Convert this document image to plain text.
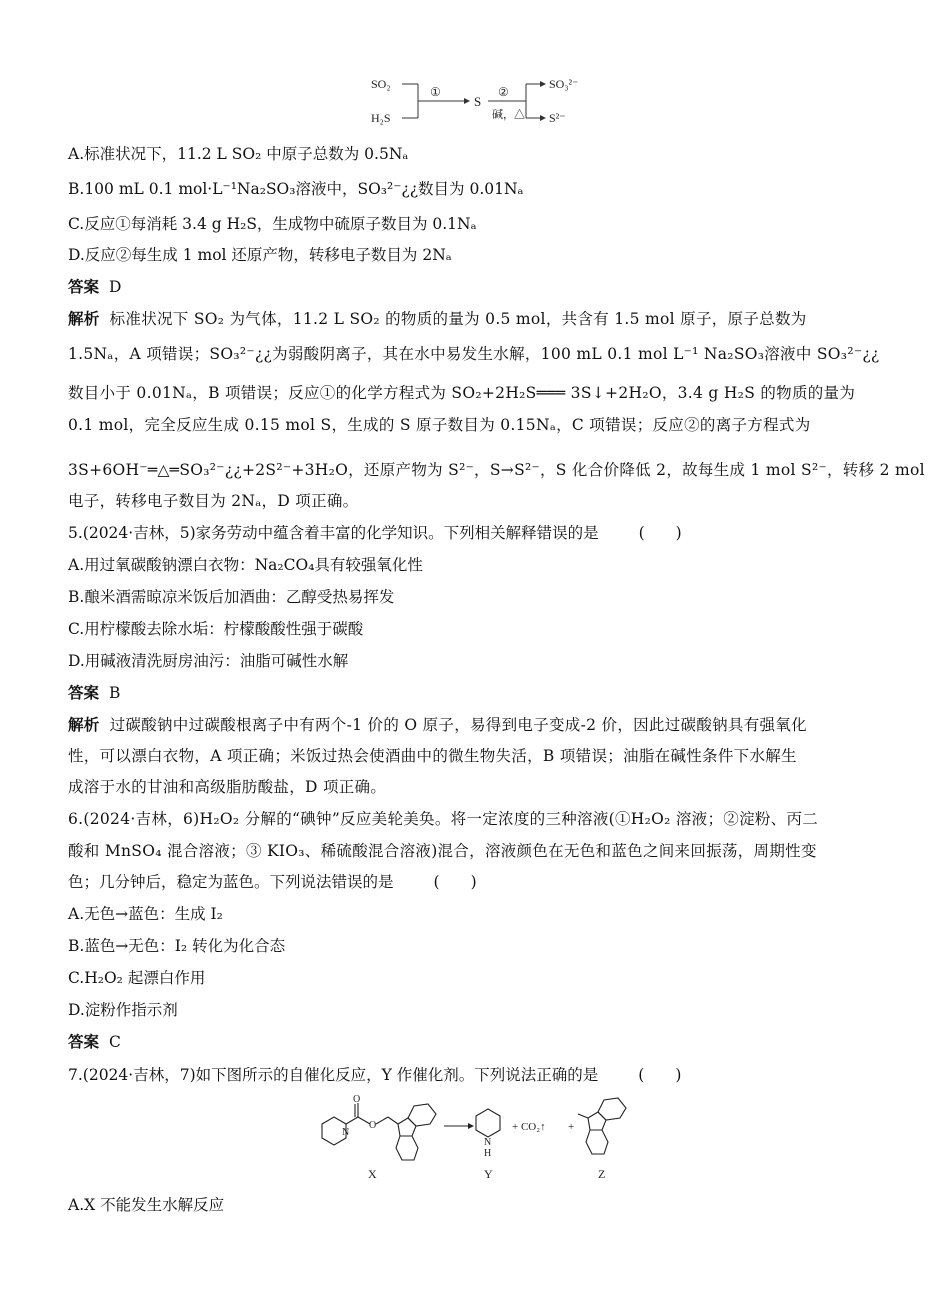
SO₂
H₂S
①
S
②
碱，△
SO₃²⁻
S²⁻
A.标准状况下，11.2 L SO₂ 中原子总数为 0.5Nₐ
B.100 mL 0.1 mol·L⁻¹Na₂SO₃溶液中，SO₃²⁻¿¿数目为 0.01Nₐ
C.反应①每消耗 3.4 g H₂S，生成物中硫原子数目为 0.1Nₐ
D.反应②每生成 1 mol 还原产物，转移电子数目为 2Nₐ
答案 D
解析 标准状况下 SO₂ 为气体，11.2 L SO₂ 的物质的量为 0.5 mol，共含有 1.5 mol 原子，原子总数为
1.5Nₐ，A 项错误；SO₃²⁻¿¿为弱酸阴离子，其在水中易发生水解，100 mL 0.1 mol L⁻¹ Na₂SO₃溶液中 SO₃²⁻¿¿
数目小于 0.01Nₐ，B 项错误；反应①的化学方程式为 SO₂+2H₂S═══ 3S↓+2H₂O，3.4 g H₂S 的物质的量为
0.1 mol，完全反应生成 0.15 mol S，生成的 S 原子数目为 0.15Nₐ，C 项错误；反应②的离子方程式为
3S+6OH⁻═△═SO₃²⁻¿¿+2S²⁻+3H₂O，还原产物为 S²⁻，S→S²⁻，S 化合价降低 2，故每生成 1 mol S²⁻，转移 2 mol
电子，转移电子数目为 2Nₐ，D 项正确。
5.(2024·吉林，5)家务劳动中蕴含着丰富的化学知识。下列相关解释错误的是	(　　)
A.用过氧碳酸钠漂白衣物：Na₂CO₄具有较强氧化性
B.酿米酒需晾凉米饭后加酒曲：乙醇受热易挥发
C.用柠檬酸去除水垢：柠檬酸酸性强于碳酸
D.用碱液清洗厨房油污：油脂可碱性水解
答案 B
解析 过碳酸钠中过碳酸根离子中有两个-1 价的 O 原子，易得到电子变成-2 价，因此过碳酸钠具有强氧化
性，可以漂白衣物，A 项正确；米饭过热会使酒曲中的微生物失活，B 项错误；油脂在碱性条件下水解生
成溶于水的甘油和高级脂肪酸盐，D 项正确。
6.(2024·吉林，6)H₂O₂ 分解的“碘钟”反应美轮美奂。将一定浓度的三种溶液(①H₂O₂ 溶液；②淀粉、丙二
酸和 MnSO₄ 混合溶液；③ KIO₃、稀硫酸混合溶液)混合，溶液颜色在无色和蓝色之间来回振荡，周期性变
色；几分钟后，稳定为蓝色。下列说法错误的是	(　　)
A.无色→蓝色：生成 I₂
B.蓝色→无色：I₂ 转化为化合态
C.H₂O₂ 起漂白作用
D.淀粉作指示剂
答案 C
7.(2024·吉林，7)如下图所示的自催化反应，Y 作催化剂。下列说法正确的是	(　　)
O
N
O
X
N
H
Y
+ CO₂↑ +
Z
A.X 不能发生水解反应
